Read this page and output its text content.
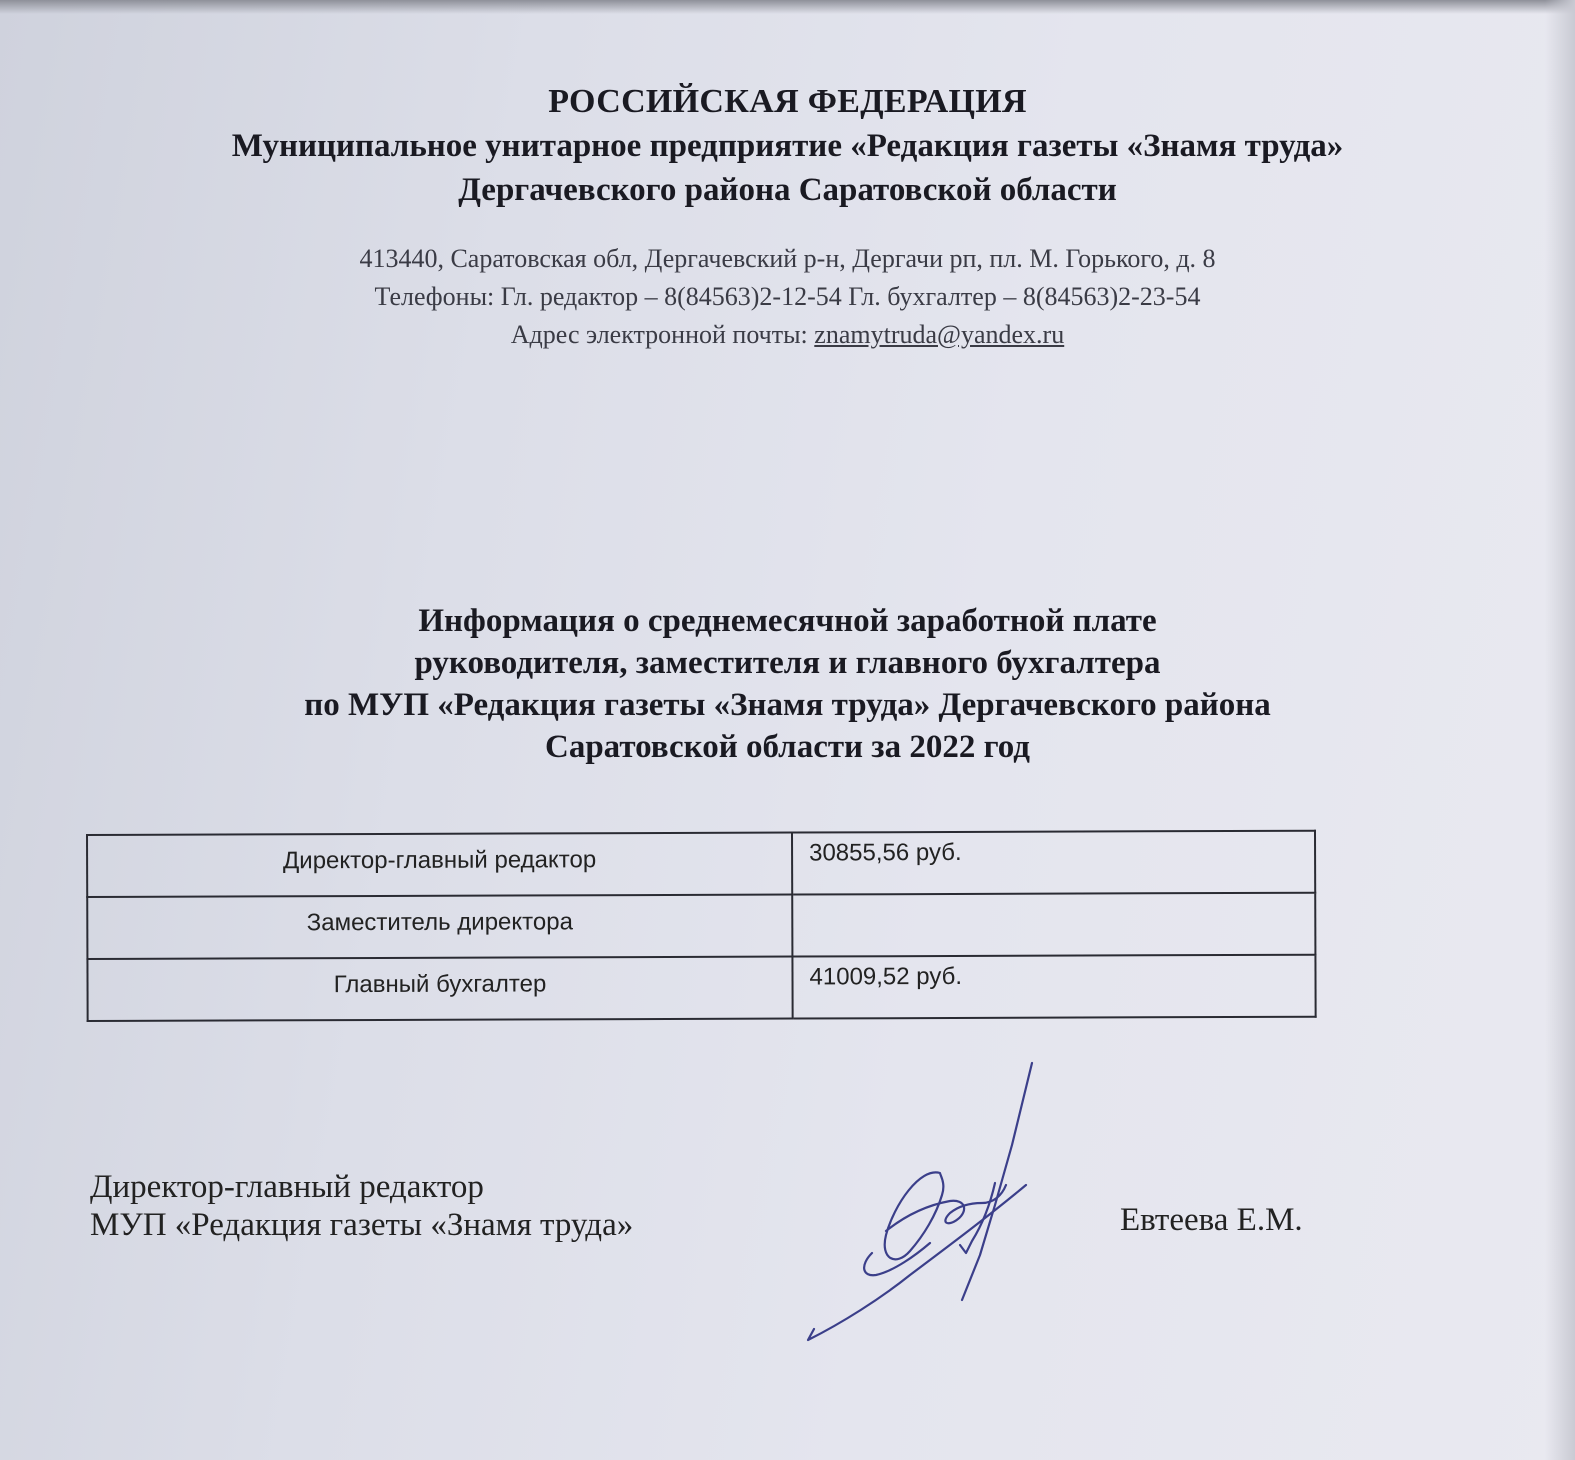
РОССИЙСКАЯ ФЕДЕРАЦИЯ
Муниципальное унитарное предприятие «Редакция газеты «Знамя труда»
Дергачевского района Саратовской области
413440, Саратовская обл, Дергачевский р-н, Дергачи рп, пл. М. Горького, д. 8
Телефоны: Гл. редактор – 8(84563)2-12-54 Гл. бухгалтер – 8(84563)2-23-54
Адрес электронной почты: znamytruda@yandex.ru
Информация о среднемесячной заработной плате
руководителя, заместителя и главного бухгалтера
по МУП «Редакция газеты «Знамя труда» Дергачевского района
Саратовской области за 2022 год
Директор-главный редактор	30855,56 руб.
Заместитель директора	
Главный бухгалтер	41009,52 руб.
Директор-главный редактор
МУП «Редакция газеты «Знамя труда»	Евтеева Е.М.
